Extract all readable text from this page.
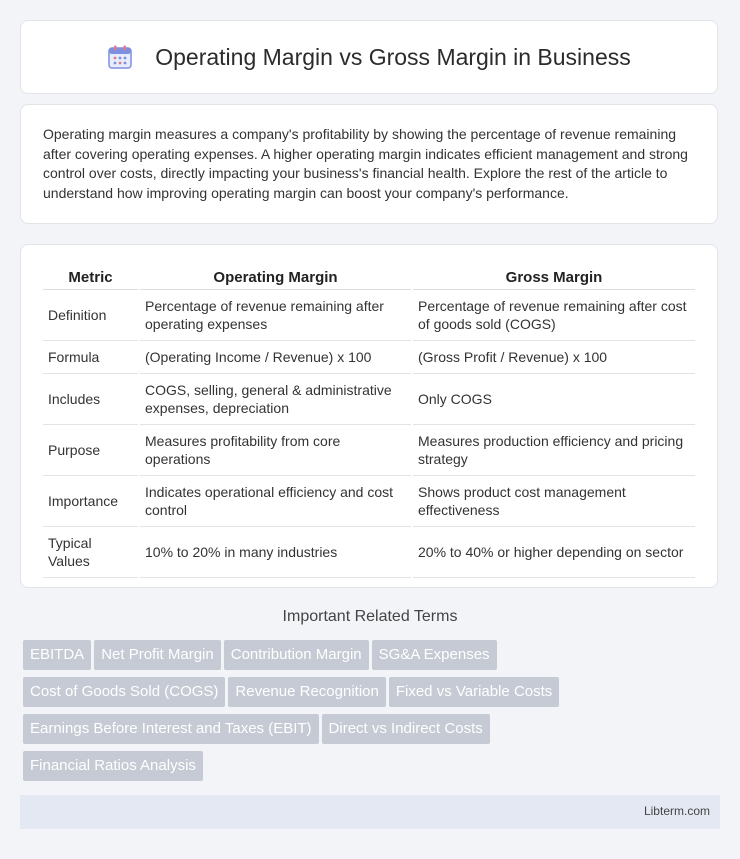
Operating Margin vs Gross Margin in Business

Operating margin measures a company's profitability by showing the percentage of revenue remaining after covering operating expenses. A higher operating margin indicates efficient management and strong control over costs, directly impacting your business's financial health. Explore the rest of the article to understand how improving operating margin can boost your company's performance.

Metric	Operating Margin	Gross Margin
Definition	Percentage of revenue remaining after operating expenses	Percentage of revenue remaining after cost of goods sold (COGS)
Formula	(Operating Income / Revenue) x 100	(Gross Profit / Revenue) x 100
Includes	COGS, selling, general & administrative expenses, depreciation	Only COGS
Purpose	Measures profitability from core operations	Measures production efficiency and pricing strategy
Importance	Indicates operational efficiency and cost control	Shows product cost management effectiveness
Typical Values	10% to 20% in many industries	20% to 40% or higher depending on sector
Important Related Terms
EBITDA Net Profit Margin Contribution Margin SG&A Expenses
Cost of Goods Sold (COGS) Revenue Recognition Fixed vs Variable Costs
Earnings Before Interest and Taxes (EBIT) Direct vs Indirect Costs
Financial Ratios Analysis
Libterm.com
